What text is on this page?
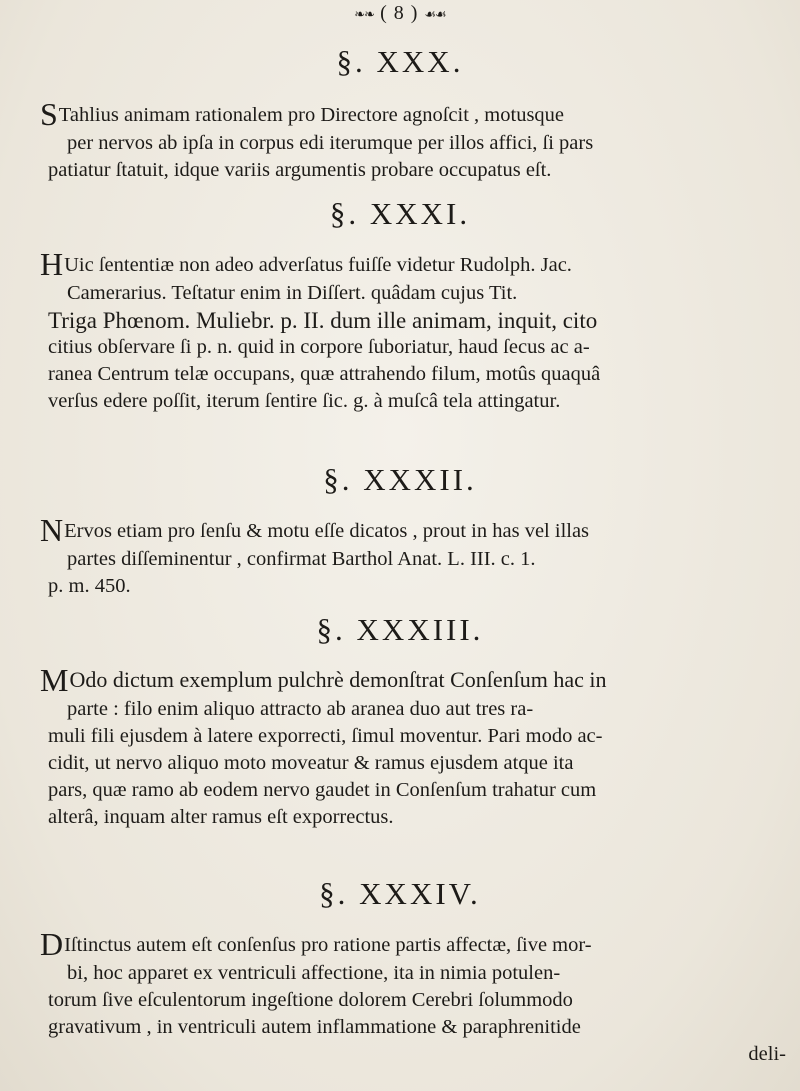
❧❧ ( 8 ) ☙☙
§. XXX.
STahlius animam rationalem pro Directore agnoſcit , motusque
per nervos ab ipſa in corpus edi iterumque per illos affici, ſi pars
patiatur ſtatuit, idque variis argumentis probare occupatus eſt.
§. XXXI.
HUic ſententiæ non adeo adverſatus fuiſſe videtur Rudolph. Jac.
Camerarius. Teſtatur enim in Diſſert. quâdam cujus Tit.
Triga Phœnom. Muliebr. p. II. dum ille animam, inquit, cito
citius obſervare ſi p. n. quid in corpore ſuboriatur, haud ſecus ac a-
ranea Centrum telæ occupans, quæ attrahendo filum, motûs quaquâ
verſus edere poſſit, iterum ſentire ſic. g. à muſcâ tela attingatur.
§. XXXII.
NErvos etiam pro ſenſu & motu eſſe dicatos , prout in has vel illas
partes diſſeminentur , confirmat Barthol Anat. L. III. c. 1.
p. m. 450.
§. XXXIII.
MOdo dictum exemplum pulchrè demonſtrat Conſenſum hac in
parte : filo enim aliquo attracto ab aranea duo aut tres ra-
muli fili ejusdem à latere exporrecti, ſimul moventur. Pari modo ac-
cidit, ut nervo aliquo moto moveatur & ramus ejusdem atque ita
pars, quæ ramo ab eodem nervo gaudet in Conſenſum trahatur cum
alterâ, inquam alter ramus eſt exporrectus.
§. XXXIV.
DIſtinctus autem eſt conſenſus pro ratione partis affectæ, ſive mor-
bi, hoc apparet ex ventriculi affectione, ita in nimia potulen-
torum ſive eſculentorum ingeſtione dolorem Cerebri ſolummodo
gravativum , in ventriculi autem inflammatione & paraphrenitide
deli-
